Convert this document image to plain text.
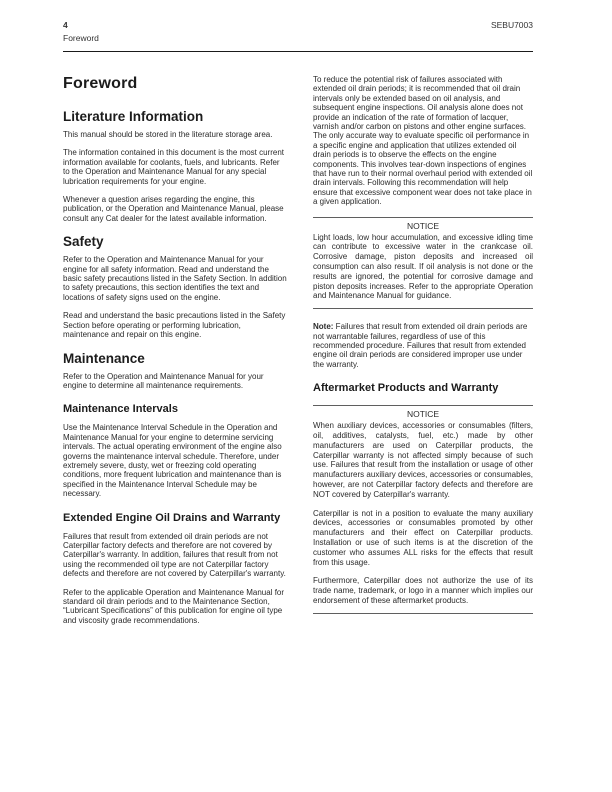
4
Foreword
SEBU7003
Foreword
Literature Information

This manual should be stored in the literature storage area.

The information contained in this document is the most current information available for coolants, fuels, and lubricants. Refer to the Operation and Maintenance Manual for any special lubrication requirements for your engine.

Whenever a question arises regarding the engine, this publication, or the Operation and Maintenance Manual, please consult any Cat dealer for the latest available information.

Safety

Refer to the Operation and Maintenance Manual for your engine for all safety information. Read and understand the basic safety precautions listed in the Safety Section. In addition to safety precautions, this section identifies the text and locations of safety signs used on the engine.

Read and understand the basic precautions listed in the Safety Section before operating or performing lubrication, maintenance and repair on this engine.

Maintenance

Refer to the Operation and Maintenance Manual for your engine to determine all maintenance requirements.

Maintenance Intervals

Use the Maintenance Interval Schedule in the Operation and Maintenance Manual for your engine to determine servicing intervals. The actual operating environment of the engine also governs the maintenance interval schedule. Therefore, under extremely severe, dusty, wet or freezing cold operating conditions, more frequent lubrication and maintenance than is specified in the Maintenance Interval Schedule may be necessary.

Extended Engine Oil Drains and Warranty

Failures that result from extended oil drain periods are not Caterpillar factory defects and therefore are not covered by Caterpillar's warranty. In addition, failures that result from not using the recommended oil type are not Caterpillar factory defects and therefore are not covered by Caterpillar's warranty.

Refer to the applicable Operation and Maintenance Manual for standard oil drain periods and to the Maintenance Section, “Lubricant Specifications” of this publication for engine oil type and viscosity grade recommendations.

To reduce the potential risk of failures associated with extended oil drain periods; it is recommended that oil drain intervals only be extended based on oil analysis, and subsequent engine inspections. Oil analysis alone does not provide an indication of the rate of formation of lacquer, varnish and/or carbon on pistons and other engine surfaces. The only accurate way to evaluate specific oil performance in a specific engine and application that utilizes extended oil drain periods is to observe the effects on the engine components. This involves tear-down inspections of engines that have run to their normal overhaul period with extended oil drain intervals. Following this recommendation will help ensure that excessive component wear does not take place in a given application.

NOTICE

Light loads, low hour accumulation, and excessive idling time can contribute to excessive water in the crankcase oil. Corrosive damage, piston deposits and increased oil consumption can also result. If oil analysis is not done or the results are ignored, the potential for corrosive damage and piston deposits increases. Refer to the appropriate Operation and Maintenance Manual for guidance.

Note: Failures that result from extended oil drain periods are not warrantable failures, regardless of use of this recommended procedure. Failures that result from extended engine oil drain periods are considered improper use under the warranty.

Aftermarket Products and Warranty
NOTICE

When auxiliary devices, accessories or consumables (filters, oil, additives, catalysts, fuel, etc.) made by other manufacturers are used on Caterpillar products, the Caterpillar warranty is not affected simply because of such use. Failures that result from the installation or usage of other manufacturers auxiliary devices, accessories or consumables, however, are not Caterpillar factory defects and therefore are NOT covered by Caterpillar's warranty.

Caterpillar is not in a position to evaluate the many auxiliary devices, accessories or consumables promoted by other manufacturers and their effect on Caterpillar products. Installation or use of such items is at the discretion of the customer who assumes ALL risks for the effects that result from this usage.

Furthermore, Caterpillar does not authorize the use of its trade name, trademark, or logo in a manner which implies our endorsement of these aftermarket products.
